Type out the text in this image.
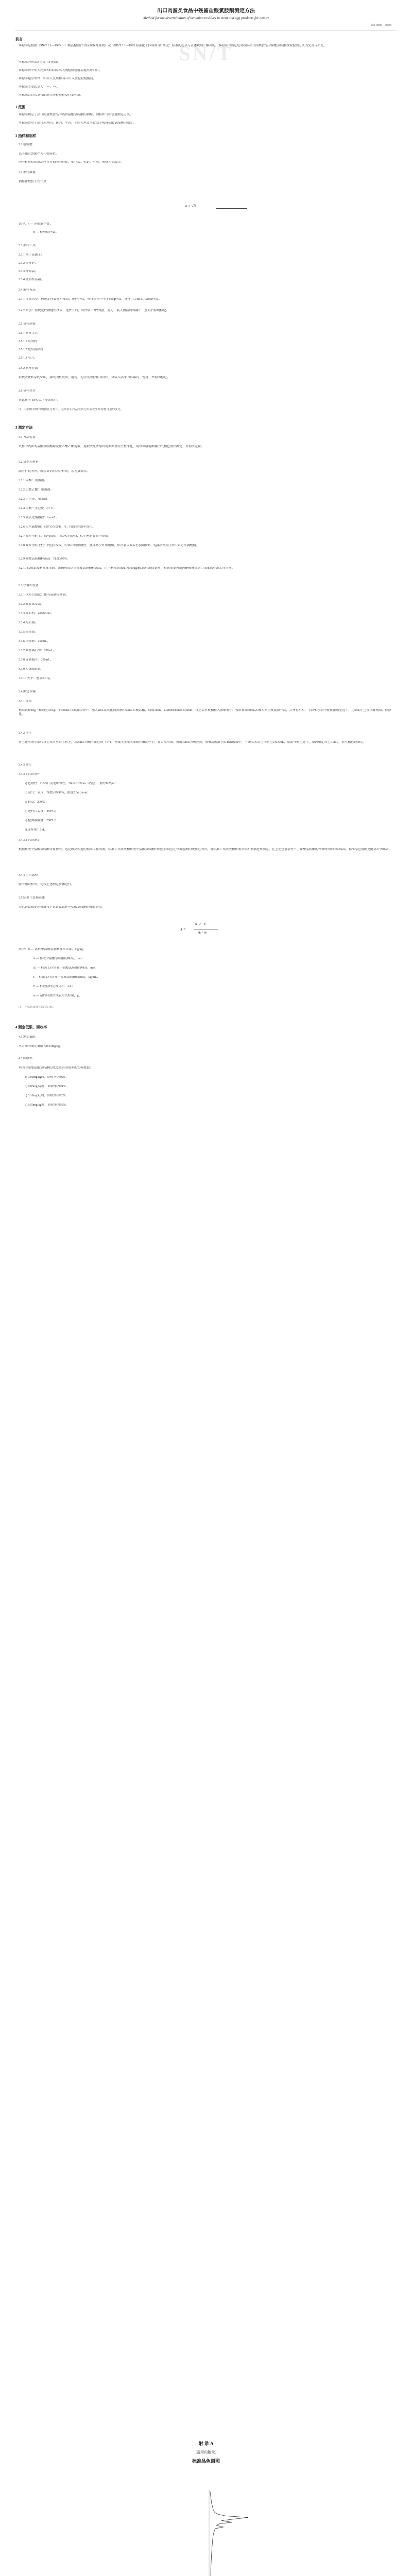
出口肉蛋类食品中残留盐酸氯胺酮测定方法
Method for the determination of ketamine residues in meat and egg products for export
SN 0xxx—xxxx
前言
本标准是根据《SN/T 1.1—1995 出口商品检验行业标准编写规则》及《GB/T 1.1—1993 标准化工作导则 第1单元：标准的起草与表述规则》编写的，本标准的制定是对我国出口肉类食品中盐酸氯胺酮残留检测方法的完善与补充。
SN/T
本标准的附录A为提示的附录。
本标准由中华人民共和国国家出入境检验检疫局提出并归口。
本标准起草单位：中华人民共和国××出入境检验检疫局。
本标准主要起草人：××、××。
本标准系首次发布的出入境检验检疫行业标准。
1 范围
本标准规定了出口肉蛋类食品中残留盐酸氯胺酮的抽样、制样和气相色谱测定方法。
本标准适用于出口冻鸡肉、猪肉、牛肉、羊肉和鸡蛋等食品中残留盐酸氯胺酮的测定。
2 抽样和制样
2.1 检验批
以不超过2500件为一检验批。
同一检验批的商品应具有相同的特征，如包装、标记、产地、规格和等级等。
2.2 抽样数量
抽样件数按下式计算：
n = √N
式中：n — 应抽取件数；
N — 检验批件数。
2.3 抽样工具
2.3.1 凿子或锯子；
2.3.2 取样铲；
2.3.3 样品袋；
2.3.4 金属样品箱。
2.4 取样方法
2.4.1 冷冻肉类：按规定件数随机抽取，逐件开启，每件取出不少于500g样品，逐件用金属工具割取样品。
2.4.2 鸡蛋：按规定件数随机抽取，逐件开启，每件取出5枚鸡蛋，混匀，装入清洁的容器中，加封后标明标记。
2.5 试样制备
2.5.1 制样工具
2.5.1.1 绞肉机；
2.5.1.2 组织捣碎机；
2.5.1.3 小刀。
2.5.2 制样方法
取代表性样品约500g，用绞肉机绞碎，混匀，均分成两份作为试样，分装入洁净的容器内，密封，并标明标记。
2.6 试样保存
将试样于-18℃以下冷冻保存。
注：在抽样和制样的操作过程中，必须防止样品受到污染或发生残留物含量的变化。
3 测定方法
3.1 方法提要
试样中残留的盐酸氯胺酮用碱性乙酸乙酯提取，提取液经浓缩后用弗罗里硅土柱净化，用带氮磷检测器的气相色谱仪测定，外标法定量。
3.2 试剂和材料
除另有说明外，所用试剂均为分析纯，水为蒸馏水。
3.2.1 丙酮：重蒸馏。
3.2.2 乙酸乙酯：重蒸馏。
3.2.3 正己烷：重蒸馏。
3.2.4 丙酮－正己烷（1+1）。
3.2.5 氢氧化钠溶液：1mol/L。
3.2.6 无水硫酸钠：650℃灼烧4h，贮于密封容器中备用。
3.2.7 弗罗里硅土：60~100目，650℃灼烧4h，贮于密封容器中备用。
3.2.8 弗罗里硅土柱：内径1.5cm，长30cm的玻璃柱，底部塞少许玻璃棉，依次装入1cm无水硫酸钠、5g弗罗里硅土和1cm无水硫酸钠。
3.2.9 盐酸氯胺酮标准品：纯度≥99%。
3.2.10 盐酸氯胺酮标准溶液：准确称取适量盐酸氯胺酮标准品，用丙酮配成浓度为100μg/mL的标准储备液，根据需要再用丙酮稀释成适当浓度的标准工作溶液。
3.3 仪器和设备
3.3.1 气相色谱仪：配有氮磷检测器。
3.3.2 旋转蒸发器。
3.3.3 离心机：4000r/min。
3.3.4 均质器。
3.3.5 振荡器。
3.3.6 浓缩瓶：250mL。
3.3.7 具塞离心管：100mL。
3.3.8 分液漏斗：250mL。
3.3.9 K-D浓缩器。
3.3.10 天平：感量0.01g。
3.4 测定步骤
3.4.1 提取
称取试样10g（精确至0.01g）于100mL具塞离心管中，加入2mL氢氧化钠溶液和50mL乙酸乙酯，均质1min，以4000r/min离心5min，将上层有机相移入浓缩瓶中。残渣再用30mL乙酸乙酯重复提取一次，合并有机相，于40℃水浴中旋转浓缩至近干，用5mL正己烷溶解残渣，待净化。
3.4.2 净化
将上述溶液全部转移至弗罗里硅土柱上，用20mL丙酮－正己烷（1+1）分数次洗涤浓缩瓶并淋洗柱子，弃去流出液。再用40mL丙酮洗脱，收集洗脱液于K-D浓缩器中，于50℃水浴上浓缩至约0.5mL，用氮气吹至近干，用丙酮定容至1.0mL，供气相色谱测定。
3.4.3 测定
3.4.3.1 色谱条件
a) 色谱柱：HP-5石英毛细管柱，30m×0.32mm（内径），膜厚0.25μm；
b) 载气：氮气，纯度≥99.99%，流速2.0mL/min；
c) 柱温：200℃；
d) 进样口温度：250℃；
e) 检测器温度：280℃；
f) 进样量：1μL。
3.4.3.2 色谱测定
根据样液中盐酸氯胺酮含量情况，选定峰高相近的标准工作溶液。标准工作溶液和样液中盐酸氯胺酮的响应值均应在仪器检测的线性范围内。对标准工作溶液和样液等体积参插进样测定。在上述色谱条件下，盐酸氯胺酮的保留时间约为4.8min。标准品色谱图见附录A中图A1。
3.4.4 空白试验
除不加试样外，均按上述测定步骤进行。
3.5 结果计算和表述
用色谱数据处理机或按下式计算试样中盐酸氯胺酮的残留含量：
X =
A · c · V
Aₛ · m
式中：X — 试样中盐酸氯胺酮残留含量，mg/kg；
A — 样液中盐酸氯胺酮的峰高，mm；
Aₛ — 标准工作溶液中盐酸氯胺酮的峰高，mm；
c — 标准工作溶液中盐酸氯胺酮的浓度，μg/mL；
V — 样液最终定容体积，mL；
m — 最终样液所代表的试样量，g。
注：计算结果须扣除空白值。
4 测定低限、回收率
4.1 测定低限
本方法的测定低限为0.01mg/kg。
4.2 回收率
鸡肉中添加盐酸氯胺酮的浓度及其回收率的实验数据：
a) 0.01mg/kg时，回收率为86%；
b) 0.05mg/kg时，回收率为89%；
c) 0.10mg/kg时，回收率为92%；
d) 0.50mg/kg时，回收率为95%。
附 录 A
（提示的附录）
标准品色谱图
